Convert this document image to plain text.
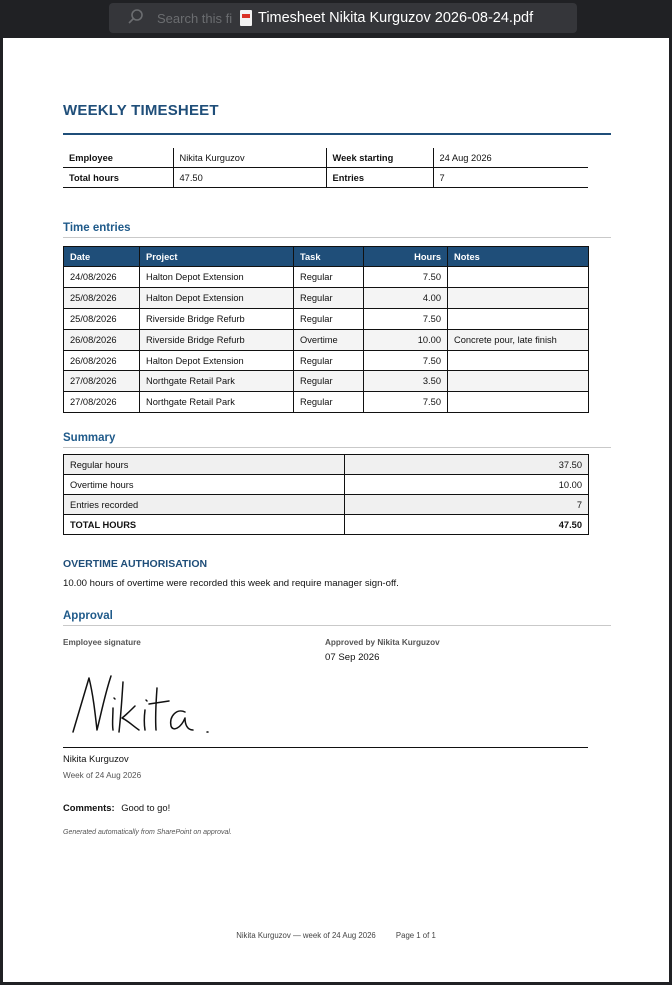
Search this fi Timesheet Nikita Kurguzov 2026-08-24.pdf
WEEKLY TIMESHEET
Employee	Nikita Kurguzov	Week starting	24 Aug 2026
Total hours	47.50	Entries	7
Time entries
Date	Project	Task	Hours	Notes
24/08/2026	Halton Depot Extension	Regular	7.50	
25/08/2026	Halton Depot Extension	Regular	4.00	
25/08/2026	Riverside Bridge Refurb	Regular	7.50	
26/08/2026	Riverside Bridge Refurb	Overtime	10.00	Concrete pour, late finish
26/08/2026	Halton Depot Extension	Regular	7.50	
27/08/2026	Northgate Retail Park	Regular	3.50	
27/08/2026	Northgate Retail Park	Regular	7.50	
Summary
Regular hours	37.50
Overtime hours	10.00
Entries recorded	7
TOTAL HOURS	47.50
OVERTIME AUTHORISATION
10.00 hours of overtime were recorded this week and require manager sign-off.
Approval
Employee signature	Approved by Nikita Kurguzov
07 Sep 2026
Nikita Kurguzov
Week of 24 Aug 2026
Comments: Good to go!
Generated automatically from SharePoint on approval.
Nikita Kurguzov — week of 24 Aug 2026	Page 1 of 1
